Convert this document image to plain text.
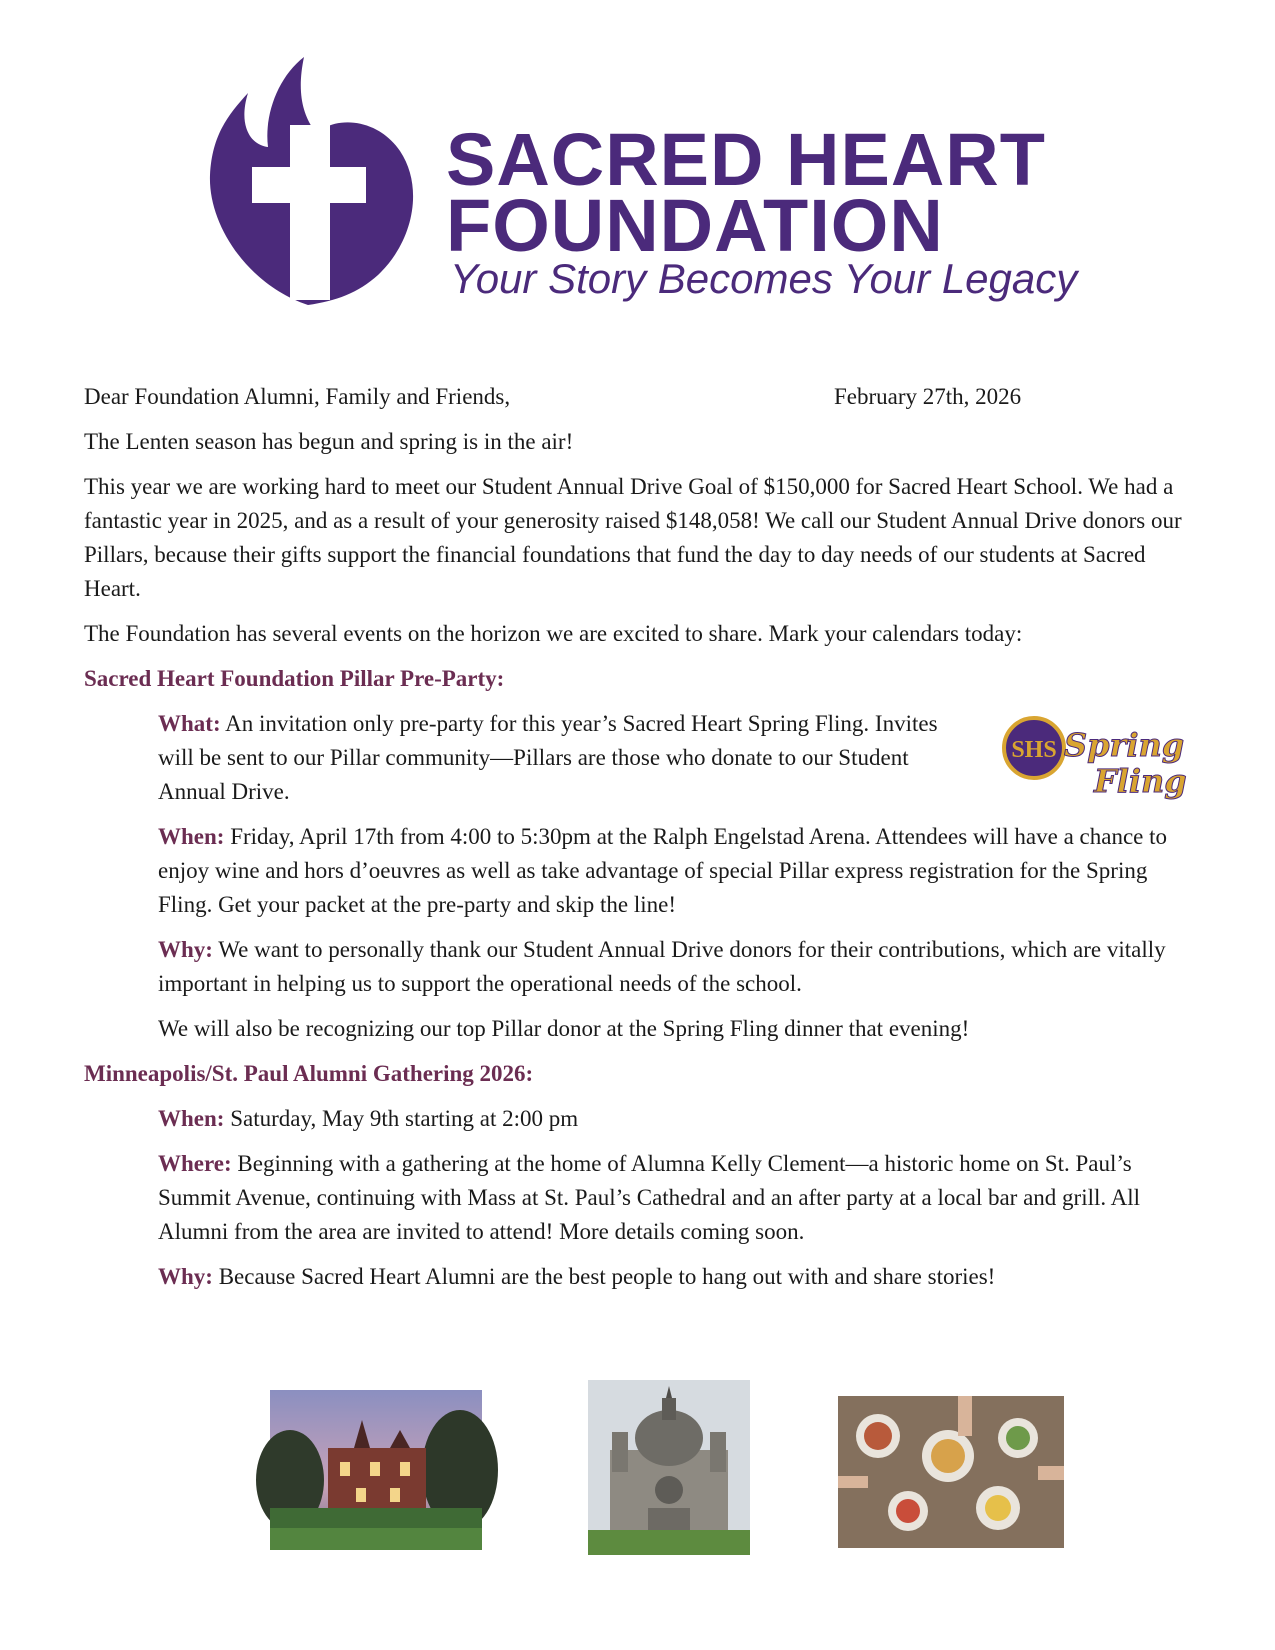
SACRED HEART
FOUNDATION
Your Story Becomes Your Legacy

Dear Foundation Alumni, Family and Friends,	February 27th, 2026

The Lenten season has begun and spring is in the air!

This year we are working hard to meet our Student Annual Drive Goal of $150,000 for Sacred Heart School. We had a fantastic year in 2025, and as a result of your generosity raised $148,058! We call our Student Annual Drive donors our Pillars, because their gifts support the financial foundations that fund the day to day needs of our students at Sacred Heart.

The Foundation has several events on the horizon we are excited to share. Mark your calendars today:

Sacred Heart Foundation Pillar Pre-Party:

What: An invitation only pre-party for this year’s Sacred Heart Spring Fling. Invites will be sent to our Pillar community—Pillars are those who donate to our Student Annual Drive.

When: Friday, April 17th from 4:00 to 5:30pm at the Ralph Engelstad Arena. Attendees will have a chance to enjoy wine and hors d’oeuvres as well as take advantage of special Pillar express registration for the Spring Fling. Get your packet at the pre-party and skip the line!

Why: We want to personally thank our Student Annual Drive donors for their contributions, which are vitally important in helping us to support the operational needs of the school.

We will also be recognizing our top Pillar donor at the Spring Fling dinner that evening!

Minneapolis/St. Paul Alumni Gathering 2026:

When: Saturday, May 9th starting at 2:00 pm

Where: Beginning with a gathering at the home of Alumna Kelly Clement—a historic home on St. Paul’s Summit Avenue, continuing with Mass at St. Paul’s Cathedral and an after party at a local bar and grill. All Alumni from the area are invited to attend! More details coming soon.

Why: Because Sacred Heart Alumni are the best people to hang out with and share stories!

SHS Spring
Fling
